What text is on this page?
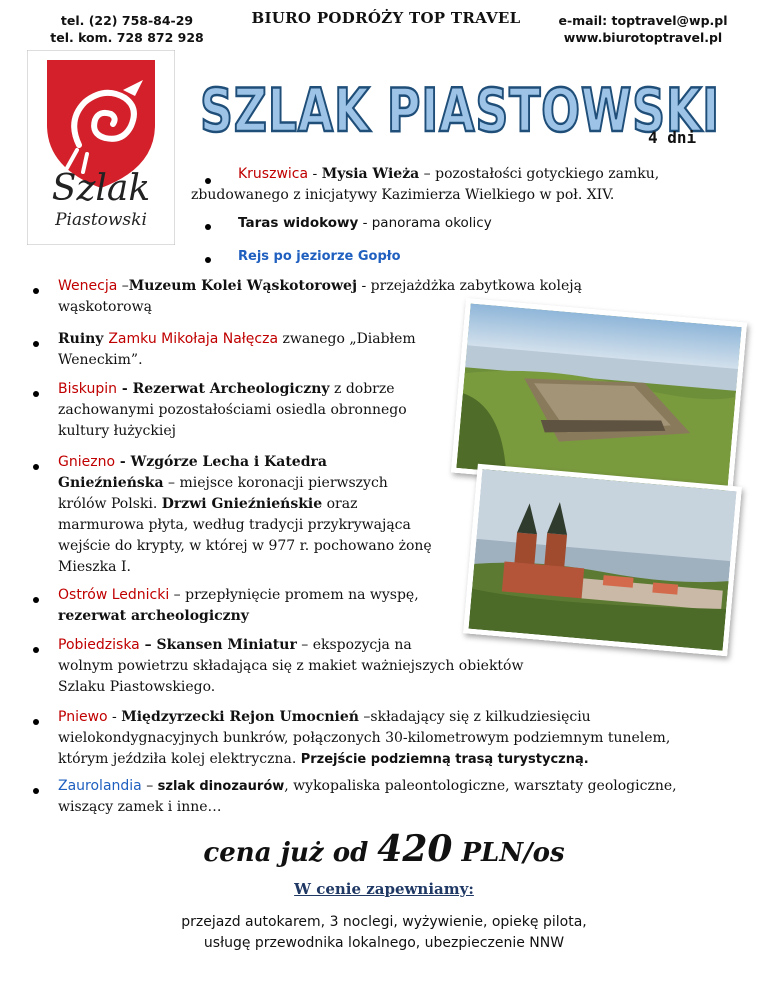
tel. (22) 758-84-29
tel. kom. 728 872 928
BIURO PODRÓŻY TOP TRAVEL	e-mail: toptravel@wp.pl
www.biurotoptravel.pl
Szlak
Piastowski
SZLAK PIASTOWSKI
4 dni
Kruszwica - Mysia Wieża – pozostałości gotyckiego zamku,
zbudowanego z inicjatywy Kazimierza Wielkiego w poł. XIV.
Taras widokowy - panorama okolicy
Rejs po jeziorze Gopło
Wenecja –Muzeum Kolei Wąskotorowej - przejażdżka zabytkowa koleją
wąskotorową
Ruiny Zamku Mikołaja Nałęcza zwanego „Diabłem
Weneckim”.
Biskupin - Rezerwat Archeologiczny z dobrze
zachowanymi pozostałościami osiedla obronnego
kultury łużyckiej
Gniezno - Wzgórze Lecha i Katedra
Gnieźnieńska – miejsce koronacji pierwszych
królów Polski. Drzwi Gnieźnieńskie oraz
marmurowa płyta, według tradycji przykrywająca
wejście do krypty, w której w 977 r. pochowano żonę
Mieszka I.
Ostrów Lednicki – przepłynięcie promem na wyspę,
rezerwat archeologiczny
Pobiedziska – Skansen Miniatur – ekspozycja na
wolnym powietrzu składająca się z makiet ważniejszych obiektów
Szlaku Piastowskiego.
Pniewo - Międzyrzecki Rejon Umocnień –składający się z kilkudziesięciu
wielokondygnacyjnych bunkrów, połączonych 30-kilometrowym podziemnym tunelem,
którym jeździła kolej elektryczna. Przejście podziemną trasą turystyczną.
Zaurolandia – szlak dinozaurów, wykopaliska paleontologiczne, warsztaty geologiczne,
wiszący zamek i inne…
cena już od 420 PLN/os
W cenie zapewniamy:
przejazd autokarem, 3 noclegi, wyżywienie, opiekę pilota,
usługę przewodnika lokalnego, ubezpieczenie NNW
